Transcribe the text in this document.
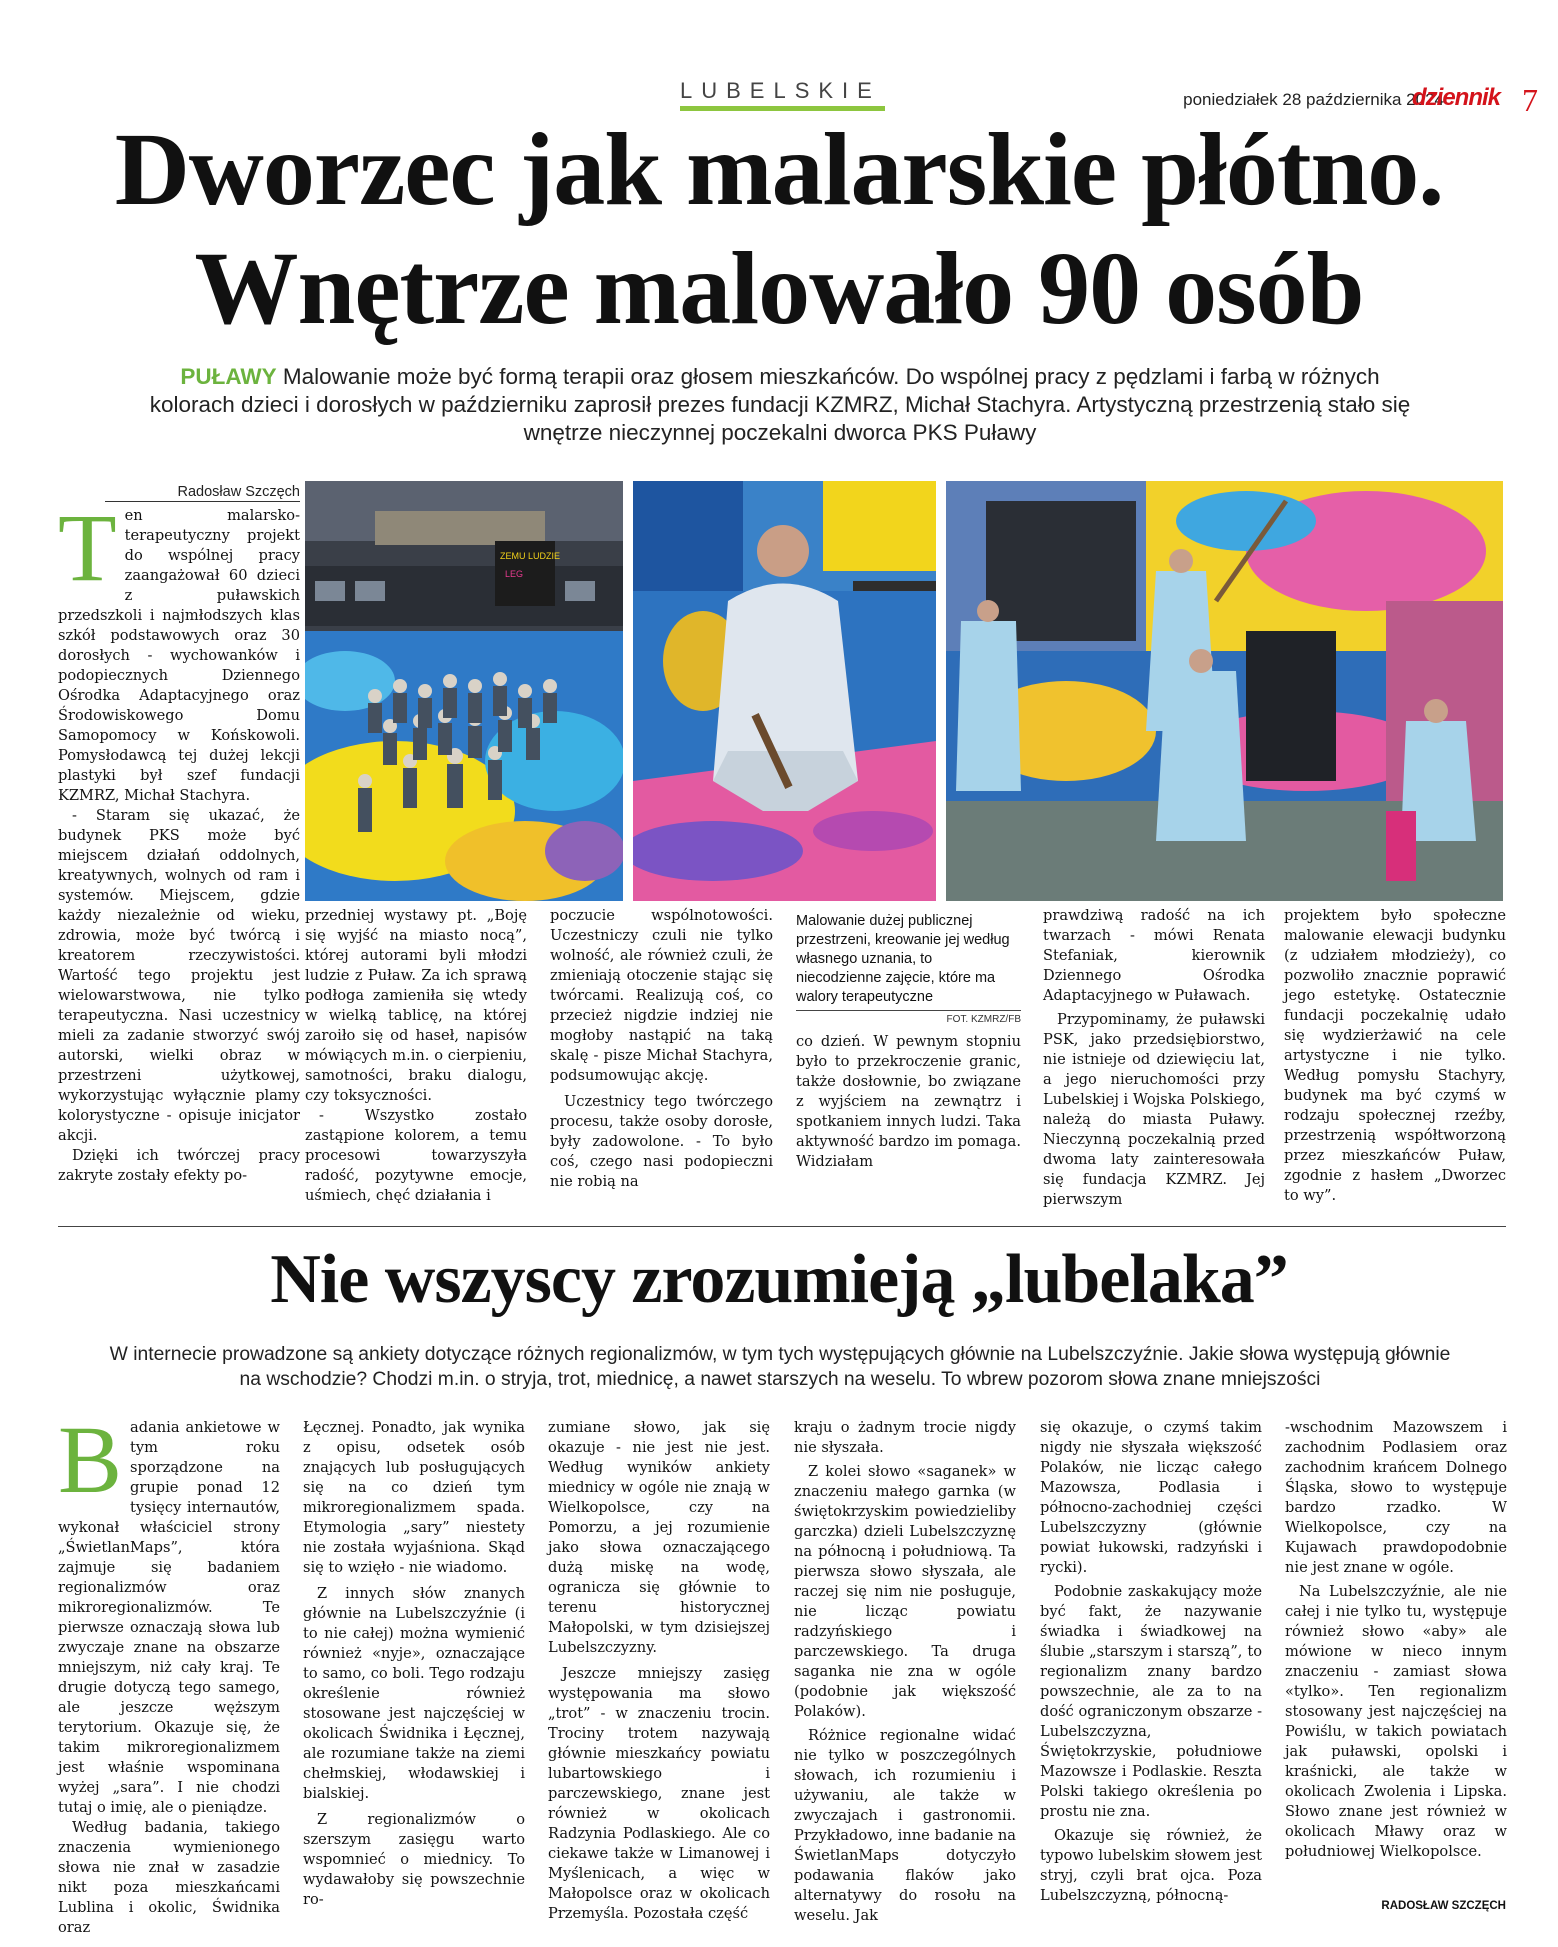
LUBELSKIE	poniedziałek 28 października 2024
dziennik 7
Dworzec jak malarskie płótno.
Wnętrze malowało 90 osób
PUŁAWY Malowanie może być formą terapii oraz głosem mieszkańców. Do wspólnej pracy z pędzlami i farbą w różnych
kolorach dzieci i dorosłych w październiku zaprosił prezes fundacji KZMRZ, Michał Stachyra. Artystyczną przestrzenią stało się
wnętrze nieczynnej poczekalni dworca PKS Puławy
Radosław Szczęch

Ten malarsko-terapeutyczny projekt do wspólnej pracy zaangażował 60 dzieci z puławskich przedszkoli i najmłodszych klas szkół podstawowych oraz 30 dorosłych - wychowanków i podopiecznych Dziennego Ośrodka Adaptacyjnego oraz Środowiskowego Domu Samopomocy w Końskowoli. Pomysłodawcą tej dużej lekcji plastyki był szef fundacji KZMRZ, Michał Stachyra.

- Staram się ukazać, że budynek PKS może być miejscem działań oddolnych, kreatywnych, wolnych od ram i systemów. Miejscem, gdzie każdy niezależnie od wieku, zdrowia, może być twórcą i kreatorem rzeczywistości. Wartość tego projektu jest wielowarstwowa, nie tylko terapeutyczna. Nasi uczestnicy mieli za zadanie stworzyć swój autorski, wielki obraz w przestrzeni użytkowej, wykorzystując wyłącznie plamy kolorystyczne - opisuje inicjator akcji.

Dzięki ich twórczej pracy zakryte zostały efekty po-

ZEMU LUDZIE
LEG

przedniej wystawy pt. „Boję się wyjść na miasto nocą”, której autorami byli młodzi ludzie z Puław. Za ich sprawą podłoga zamieniła się wtedy w wielką tablicę, na której zaroiło się od haseł, napisów mówiących m.in. o cierpieniu, samotności, braku dialogu, czy toksyczności.

- Wszystko zostało zastąpione kolorem, a temu procesowi towarzyszyła radość, pozytywne emocje, uśmiech, chęć działania i

poczucie wspólnotowości. Uczestniczy czuli nie tylko wolność, ale również czuli, że zmieniają otoczenie stając się twórcami. Realizują coś, co przecież nigdzie indziej nie mogłoby nastąpić na taką skalę - pisze Michał Stachyra, podsumowując akcję.

Uczestnicy tego twórczego procesu, także osoby dorosłe, były zadowolone. - To było coś, czego nasi podopieczni nie robią na

Malowanie dużej publicznej przestrzeni, kreowanie jej według własnego uznania, to niecodzienne zajęcie, które ma walory terapeutyczne
FOT. KZMRZ/FB

co dzień. W pewnym stopniu było to przekroczenie granic, także dosłownie, bo związane z wyjściem na zewnątrz i spotkaniem innych ludzi. Taka aktywność bardzo im pomaga. Widziałam

prawdziwą radość na ich twarzach - mówi Renata Stefaniak, kierownik Dziennego Ośrodka Adaptacyjnego w Puławach.

Przypominamy, że puławski PSK, jako przedsiębiorstwo, nie istnieje od dziewięciu lat, a jego nieruchomości przy Lubelskiej i Wojska Polskiego, należą do miasta Puławy. Nieczynną poczekalnią przed dwoma laty zainteresowała się fundacja KZMRZ. Jej pierwszym

projektem było społeczne malowanie elewacji budynku (z udziałem młodzieży), co pozwoliło znacznie poprawić jego estetykę. Ostatecznie fundacji poczekalnię udało się wydzierżawić na cele artystyczne i nie tylko. Według pomysłu Stachyry, budynek ma być czymś w rodzaju społecznej rzeźby, przestrzenią współtworzoną przez mieszkańców Puław, zgodnie z hasłem „Dworzec to wy”.

Nie wszyscy zrozumieją „lubelaka”
W internecie prowadzone są ankiety dotyczące różnych regionalizmów, w tym tych występujących głównie na Lubelszczyźnie. Jakie słowa występują głównie
na wschodzie? Chodzi m.in. o stryja, trot, miednicę, a nawet starszych na weselu. To wbrew pozorom słowa znane mniejszości

Badania ankietowe w tym roku sporządzone na grupie ponad 12 tysięcy internautów, wykonał właściciel strony „ŚwietlanMaps”, która zajmuje się badaniem regionalizmów oraz mikroregionalizmów. Te pierwsze oznaczają słowa lub zwyczaje znane na obszarze mniejszym, niż cały kraj. Te drugie dotyczą tego samego, ale jeszcze węższym terytorium. Okazuje się, że takim mikroregionalizmem jest właśnie wspominana wyżej „sara”. I nie chodzi tutaj o imię, ale o pieniądze.

Według badania, takiego znaczenia wymienionego słowa nie znał w zasadzie nikt poza mieszkańcami Lublina i okolic, Świdnika oraz

Łęcznej. Ponadto, jak wynika z opisu, odsetek osób znających lub posługujących się na co dzień tym mikroregionalizmem spada. Etymologia „sary” niestety nie została wyjaśniona. Skąd się to wzięło - nie wiadomo.

Z innych słów znanych głównie na Lubelszczyźnie (i to nie całej) można wymienić również «nyje», oznaczające to samo, co boli. Tego rodzaju określenie również stosowane jest najczęściej w okolicach Świdnika i Łęcznej, ale rozumiane także na ziemi chełmskiej, włodawskiej i bialskiej.

Z regionalizmów o szerszym zasięgu warto wspomnieć o miednicy. To wydawałoby się powszechnie ro-

zumiane słowo, jak się okazuje - nie jest nie jest. Według wyników ankiety miednicy w ogóle nie znają w Wielkopolsce, czy na Pomorzu, a jej rozumienie jako słowa oznaczającego dużą miskę na wodę, ogranicza się głównie to terenu historycznej Małopolski, w tym dzisiejszej Lubelszczyzny.

Jeszcze mniejszy zasięg występowania ma słowo „trot” - w znaczeniu trocin. Trociny trotem nazywają głównie mieszkańcy powiatu lubartowskiego i parczewskiego, znane jest również w okolicach Radzynia Podlaskiego. Ale co ciekawe także w Limanowej i Myślenicach, a więc w Małopolsce oraz w okolicach Przemyśla. Pozostała część

kraju o żadnym trocie nigdy nie słyszała.

Z kolei słowo «saganek» w znaczeniu małego garnka (w świętokrzyskim powiedzieliby garczka) dzieli Lubelszczyznę na północną i południową. Ta pierwsza słowo słyszała, ale raczej się nim nie posługuje, nie licząc powiatu radzyńskiego i parczewskiego. Ta druga saganka nie zna w ogóle (podobnie jak większość Polaków).

Różnice regionalne widać nie tylko w poszczególnych słowach, ich rozumieniu i używaniu, ale także w zwyczajach i gastronomii. Przykładowo, inne badanie na ŚwietlanMaps dotyczyło podawania flaków jako alternatywy do rosołu na weselu. Jak

się okazuje, o czymś takim nigdy nie słyszała większość Polaków, nie licząc całego Mazowsza, Podlasia i północno-zachodniej części Lubelszczyzny (głównie powiat łukowski, radzyński i rycki).

Podobnie zaskakujący może być fakt, że nazywanie świadka i świadkowej na ślubie „starszym i starszą”, to regionalizm znany bardzo powszechnie, ale za to na dość ograniczonym obszarze - Lubelszczyzna, Świętokrzyskie, południowe Mazowsze i Podlaskie. Reszta Polski takiego określenia po prostu nie zna.

Okazuje się również, że typowo lubelskim słowem jest stryj, czyli brat ojca. Poza Lubelszczyzną, północną-

-wschodnim Mazowszem i zachodnim Podlasiem oraz zachodnim krańcem Dolnego Śląska, słowo to występuje bardzo rzadko. W Wielkopolsce, czy na Kujawach prawdopodobnie nie jest znane w ogóle.

Na Lubelszczyźnie, ale nie całej i nie tylko tu, występuje również słowo «aby» ale mówione w nieco innym znaczeniu - zamiast słowa «tylko». Ten regionalizm stosowany jest najczęściej na Powiślu, w takich powiatach jak puławski, opolski i kraśnicki, ale także w okolicach Zwolenia i Lipska. Słowo znane jest również w okolicach Mławy oraz w południowej Wielkopolsce.

RADOSŁAW SZCZĘCH
